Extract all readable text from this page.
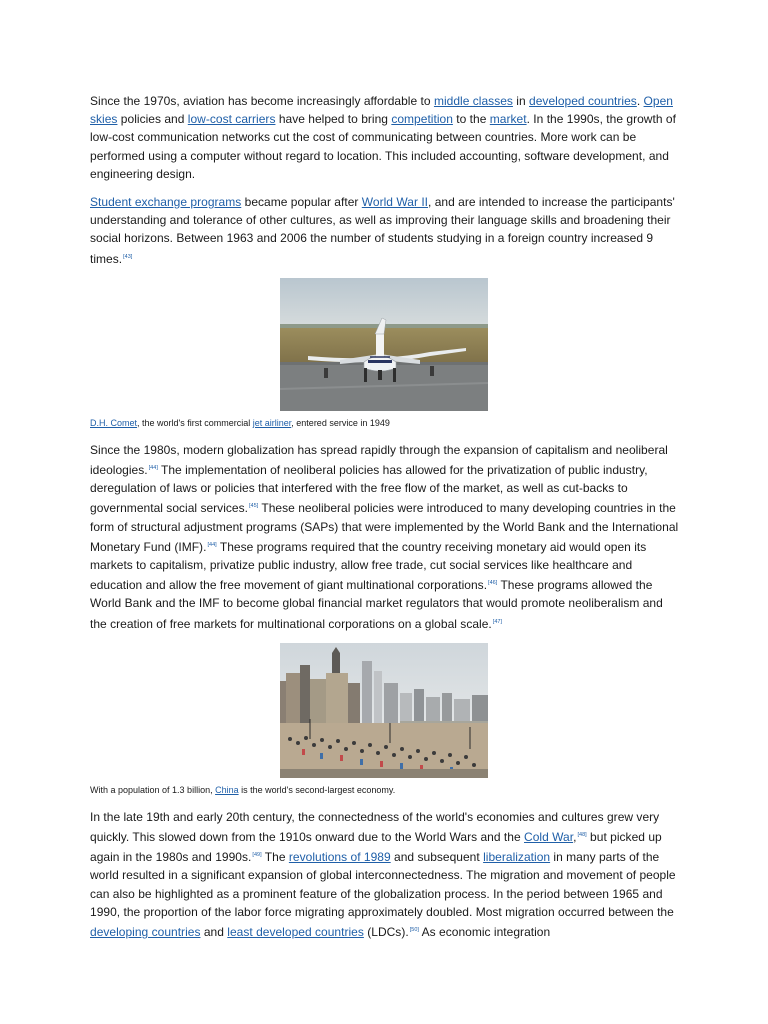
Since the 1970s, aviation has become increasingly affordable to middle classes in developed countries. Open skies policies and low-cost carriers have helped to bring competition to the market. In the 1990s, the growth of low-cost communication networks cut the cost of communicating between countries. More work can be performed using a computer without regard to location. This included accounting, software development, and engineering design.

Student exchange programs became popular after World War II, and are intended to increase the participants' understanding and tolerance of other cultures, as well as improving their language skills and broadening their social horizons. Between 1963 and 2006 the number of students studying in a foreign country increased 9 times.[43]

D.H. Comet, the world's first commercial jet airliner, entered service in 1949

Since the 1980s, modern globalization has spread rapidly through the expansion of capitalism and neoliberal ideologies.[44] The implementation of neoliberal policies has allowed for the privatization of public industry, deregulation of laws or policies that interfered with the free flow of the market, as well as cut-backs to governmental social services.[45] These neoliberal policies were introduced to many developing countries in the form of structural adjustment programs (SAPs) that were implemented by the World Bank and the International Monetary Fund (IMF).[44] These programs required that the country receiving monetary aid would open its markets to capitalism, privatize public industry, allow free trade, cut social services like healthcare and education and allow the free movement of giant multinational corporations.[46] These programs allowed the World Bank and the IMF to become global financial market regulators that would promote neoliberalism and the creation of free markets for multinational corporations on a global scale.[47]

With a population of 1.3 billion, China is the world's second-largest economy.

In the late 19th and early 20th century, the connectedness of the world's economies and cultures grew very quickly. This slowed down from the 1910s onward due to the World Wars and the Cold War,[48] but picked up again in the 1980s and 1990s.[49] The revolutions of 1989 and subsequent liberalization in many parts of the world resulted in a significant expansion of global interconnectedness. The migration and movement of people can also be highlighted as a prominent feature of the globalization process. In the period between 1965 and 1990, the proportion of the labor force migrating approximately doubled. Most migration occurred between the developing countries and least developed countries (LDCs).[50] As economic integration
